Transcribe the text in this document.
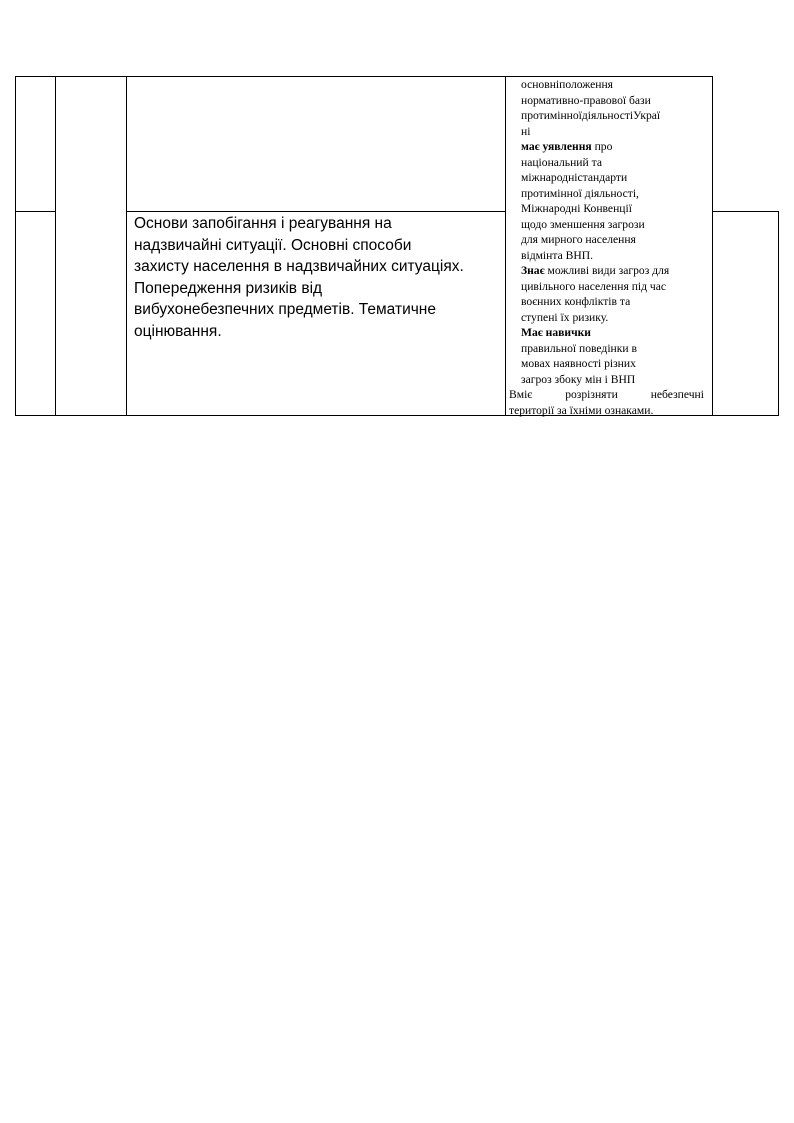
Основи запобігання і реагування на
надзвичайні ситуації. Основні способи
захисту населення в надзвичайних ситуаціях.
Попередження ризиків від
вибухонебезпечних предметів. Тематичне
оцінювання.
основніположення
нормативно-правової бази
протимінноїдіяльностіУкраї
ні
має уявлення про
національний та
міжнароднiстандарти
протимінної діяльності,
Міжнародні Конвенції
щодо зменшення загрози
для мирного населення
відмінта ВНП.
Знає можливі види загроз для
цивільного населення під час
воєнних конфліктів та
ступені їх ризику.
Має навички
правильної поведінки в
мовах наявності різних
загроз збоку мін і ВНП
Вміє розрізняти небезпечні
території за їхніми ознаками.
